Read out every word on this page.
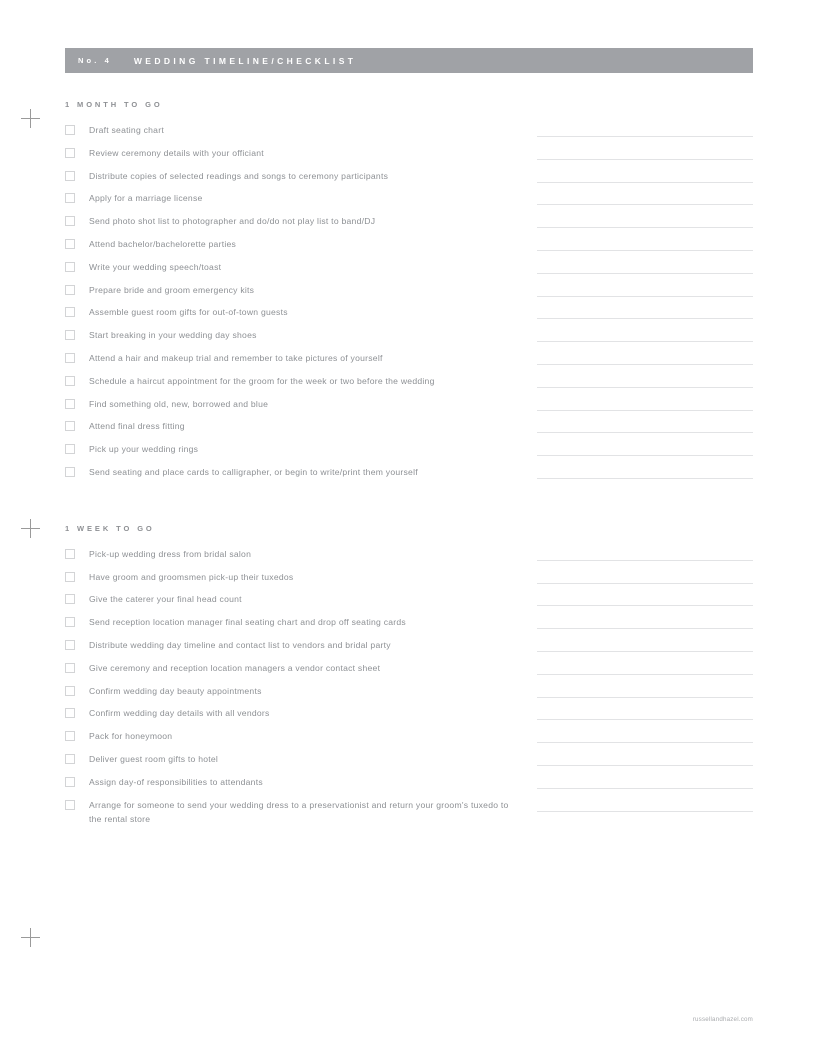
No. 4	WEDDING TIMELINE/CHECKLIST
1 MONTH TO GO
Draft seating chart
Review ceremony details with your officiant
Distribute copies of selected readings and songs to ceremony participants
Apply for a marriage license
Send photo shot list to photographer and do/do not play list to band/DJ
Attend bachelor/bachelorette parties
Write your wedding speech/toast
Prepare bride and groom emergency kits
Assemble guest room gifts for out-of-town guests
Start breaking in your wedding day shoes
Attend a hair and makeup trial and remember to take pictures of yourself
Schedule a haircut appointment for the groom for the week or two before the wedding
Find something old, new, borrowed and blue
Attend final dress fitting
Pick up your wedding rings
Send seating and place cards to calligrapher, or begin to write/print them yourself
1 WEEK TO GO
Pick-up wedding dress from bridal salon
Have groom and groomsmen pick-up their tuxedos
Give the caterer your final head count
Send reception location manager final seating chart and drop off seating cards
Distribute wedding day timeline and contact list to vendors and bridal party
Give ceremony and reception location managers a vendor contact sheet
Confirm wedding day beauty appointments
Confirm wedding day details with all vendors
Pack for honeymoon
Deliver guest room gifts to hotel
Assign day-of responsibilities to attendants
Arrange for someone to send your wedding dress to a preservationist and return your groom's tuxedo to the rental store
russellandhazel.com
